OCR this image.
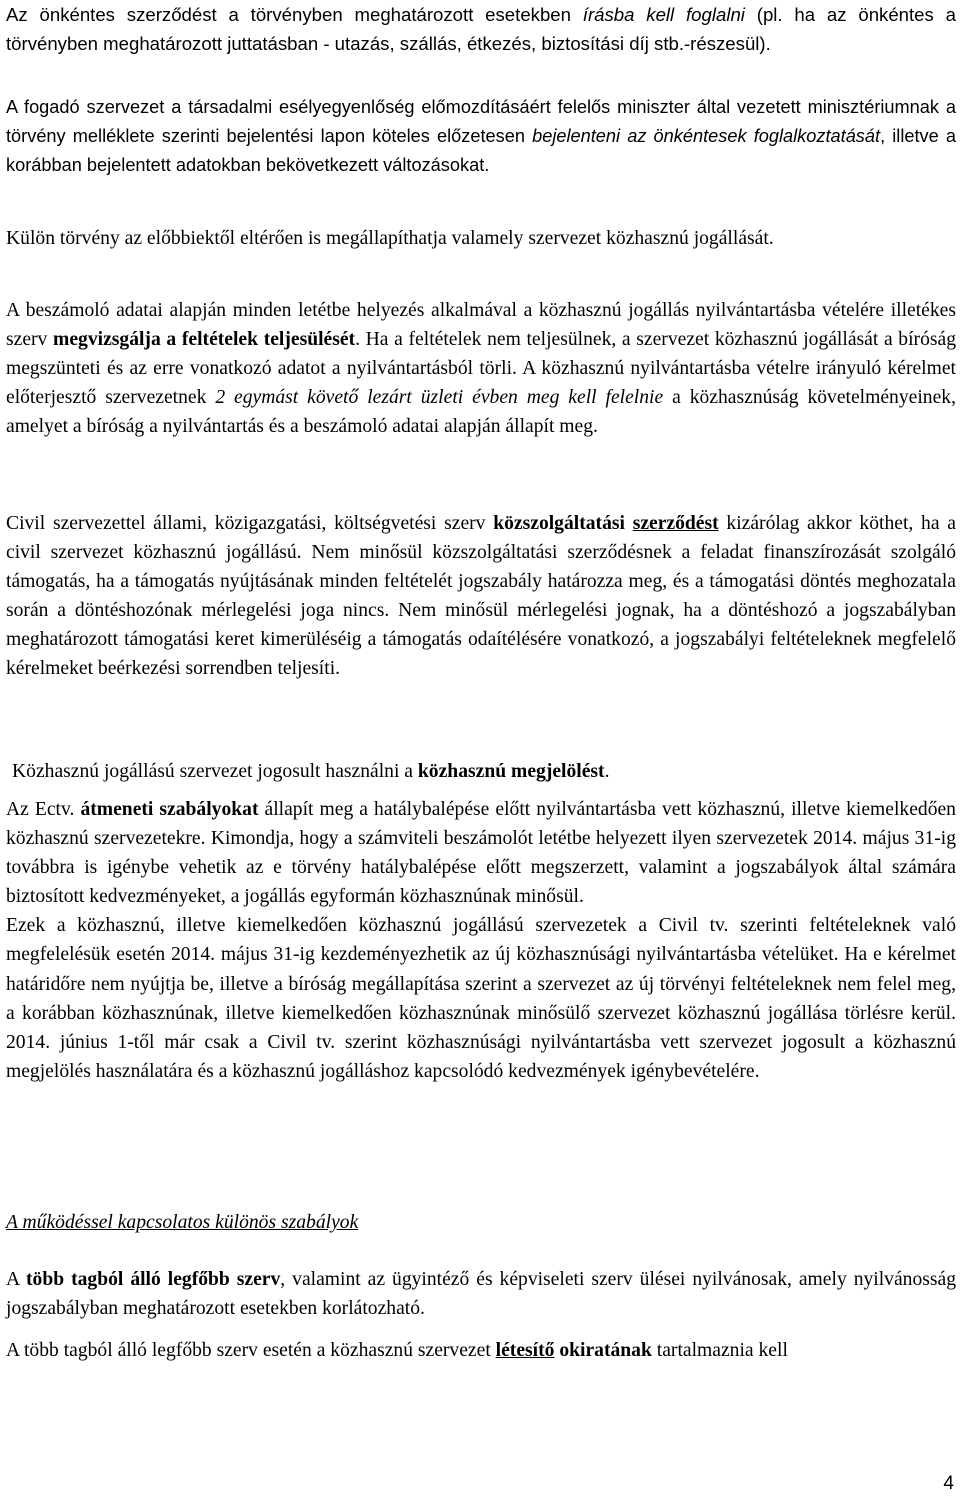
Az önkéntes szerződést a törvényben meghatározott esetekben írásba kell foglalni (pl. ha az önkéntes a törvényben meghatározott juttatásban - utazás, szállás, étkezés, biztosítási díj stb.-részesül).

A fogadó szervezet a társadalmi esélyegyenlőség előmozdításáért felelős miniszter által vezetett minisztériumnak a törvény melléklete szerinti bejelentési lapon köteles előzetesen bejelenteni az önkéntesek foglalkoztatását, illetve a korábban bejelentett adatokban bekövetkezett változásokat.

Külön törvény az előbbiektől eltérően is megállapíthatja valamely szervezet közhasznú jogállását.

A beszámoló adatai alapján minden letétbe helyezés alkalmával a közhasznú jogállás nyilvántartásba vételére illetékes szerv megvizsgálja a feltételek teljesülését. Ha a feltételek nem teljesülnek, a szervezet közhasznú jogállását a bíróság megszünteti és az erre vonatkozó adatot a nyilvántartásból törli. A közhasznú nyilvántartásba vételre irányuló kérelmet előterjesztő szervezetnek 2 egymást követő lezárt üzleti évben meg kell felelnie a közhasznúság követelményeinek, amelyet a bíróság a nyilvántartás és a beszámoló adatai alapján állapít meg.

Civil szervezettel állami, közigazgatási, költségvetési szerv közszolgáltatási szerződést kizárólag akkor köthet, ha a civil szervezet közhasznú jogállású. Nem minősül közszolgáltatási szerződésnek a feladat finanszírozását szolgáló támogatás, ha a támogatás nyújtásának minden feltételét jogszabály határozza meg, és a támogatási döntés meghozatala során a döntéshozónak mérlegelési joga nincs. Nem minősül mérlegelési jognak, ha a döntéshozó a jogszabályban meghatározott támogatási keret kimerüléséig a támogatás odaítélésére vonatkozó, a jogszabályi feltételeknek megfelelő kérelmeket beérkezési sorrendben teljesíti.

Közhasznú jogállású szervezet jogosult használni a közhasznú megjelölést.

Az Ectv. átmeneti szabályokat állapít meg a hatálybalépése előtt nyilvántartásba vett közhasznú, illetve kiemelkedően közhasznú szervezetekre. Kimondja, hogy a számviteli beszámolót letétbe helyezett ilyen szervezetek 2014. május 31-ig továbbra is igénybe vehetik az e törvény hatálybalépése előtt megszerzett, valamint a jogszabályok által számára biztosított kedvezményeket, a jogállás egyformán közhasznúnak minősül.
Ezek a közhasznú, illetve kiemelkedően közhasznú jogállású szervezetek a Civil tv. szerinti feltételeknek való megfelelésük esetén 2014. május 31-ig kezdeményezhetik az új közhasznúsági nyilvántartásba vételüket. Ha e kérelmet határidőre nem nyújtja be, illetve a bíróság megállapítása szerint a szervezet az új törvényi feltételeknek nem felel meg, a korábban közhasznúnak, illetve kiemelkedően közhasznúnak minősülő szervezet közhasznú jogállása törlésre kerül. 2014. június 1-től már csak a Civil tv. szerint közhasznúsági nyilvántartásba vett szervezet jogosult a közhasznú megjelölés használatára és a közhasznú jogálláshoz kapcsolódó kedvezmények igénybevételére.

A működéssel kapcsolatos különös szabályok

A több tagból álló legfőbb szerv, valamint az ügyintéző és képviseleti szerv ülései nyilvánosak, amely nyilvánosság jogszabályban meghatározott esetekben korlátozható.

A több tagból álló legfőbb szerv esetén a közhasznú szervezet létesítő okiratának tartalmaznia kell

4
